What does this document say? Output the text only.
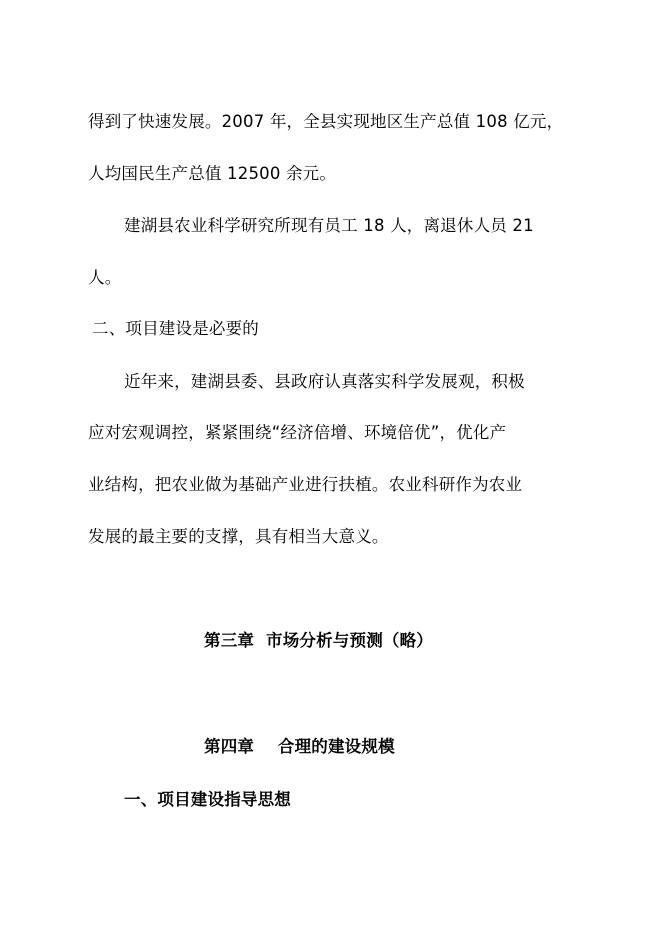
得到了快速发展。2007 年，全县实现地区生产总值 108 亿元，

人均国民生产总值 12500 余元。

建湖县农业科学研究所现有员工 18 人，离退休人员 21

人。

二、项目建设是必要的

近年来，建湖县委、县政府认真落实科学发展观，积极

应对宏观调控，紧紧围绕“经济倍增、环境倍优”，优化产

业结构，把农业做为基础产业进行扶植。农业科研作为农业

发展的最主要的支撑，具有相当大意义。

第三章  市场分析与预测（略）
第四章    合理的建设规模

一、项目建设指导思想
